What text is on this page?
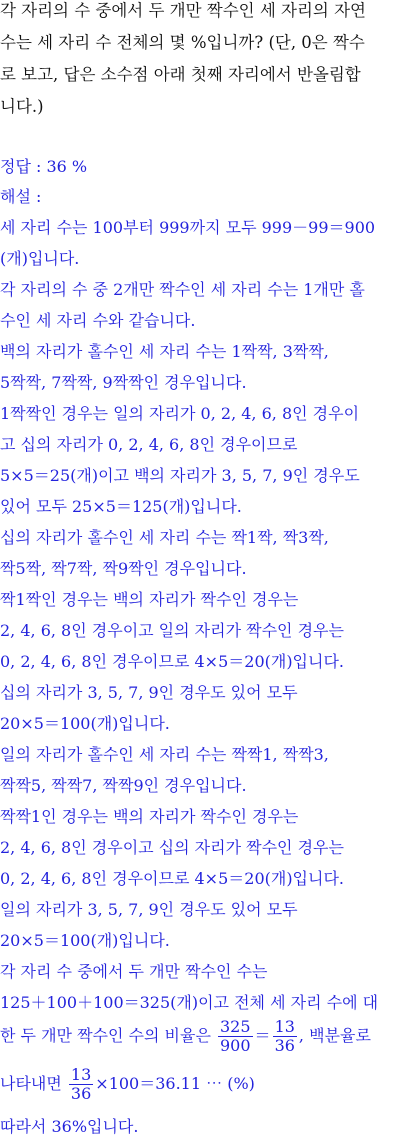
각 자리의 수 중에서 두 개만 짝수인 세 자리의 자연
수는 세 자리 수 전체의 몇 %입니까? (단, 0은 짝수
로 보고, 답은 소수점 아래 첫째 자리에서 반올림합
니다.)
정답 : 36 %
해설 :
세 자리 수는 100부터 999까지 모두 999－99＝900
(개)입니다.
각 자리의 수 중 2개만 짝수인 세 자리 수는 1개만 홀
수인 세 자리 수와 같습니다.
백의 자리가 홀수인 세 자리 수는 1짝짝, 3짝짝,
5짝짝, 7짝짝, 9짝짝인 경우입니다.
1짝짝인 경우는 일의 자리가 0, 2, 4, 6, 8인 경우이
고 십의 자리가 0, 2, 4, 6, 8인 경우이므로
5×5＝25(개)이고 백의 자리가 3, 5, 7, 9인 경우도
있어 모두 25×5＝125(개)입니다.
십의 자리가 홀수인 세 자리 수는 짝1짝, 짝3짝,
짝5짝, 짝7짝, 짝9짝인 경우입니다.
짝1짝인 경우는 백의 자리가 짝수인 경우는
2, 4, 6, 8인 경우이고 일의 자리가 짝수인 경우는
0, 2, 4, 6, 8인 경우이므로 4×5＝20(개)입니다.
십의 자리가 3, 5, 7, 9인 경우도 있어 모두
20×5＝100(개)입니다.
일의 자리가 홀수인 세 자리 수는 짝짝1, 짝짝3,
짝짝5, 짝짝7, 짝짝9인 경우입니다.
짝짝1인 경우는 백의 자리가 짝수인 경우는
2, 4, 6, 8인 경우이고 십의 자리가 짝수인 경우는
0, 2, 4, 6, 8인 경우이므로 4×5＝20(개)입니다.
일의 자리가 3, 5, 7, 9인 경우도 있어 모두
20×5＝100(개)입니다.
각 자리 수 중에서 두 개만 짝수인 수는
125＋100＋100＝325(개)이고 전체 세 자리 수에 대
한 두 개만 짝수인 수의 비율은 $\frac{325}{900} = \frac{13}{36}$ , 백분율로
나타내면 $\frac{13}{36} \times 100=36.11$ ⋯ (%)
따라서 36%입니다.
